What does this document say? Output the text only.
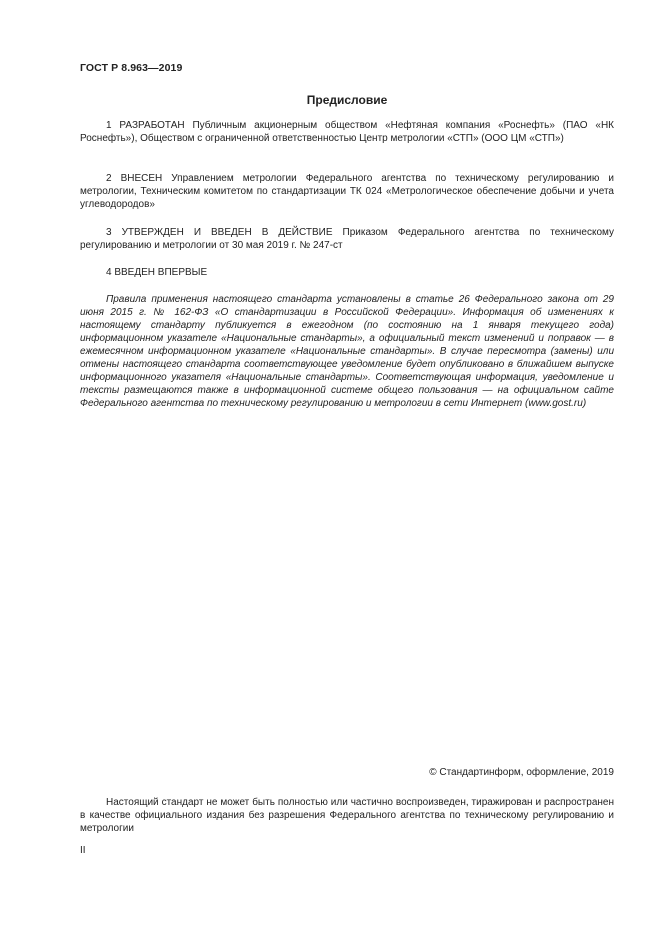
ГОСТ Р 8.963—2019
Предисловие

1 РАЗРАБОТАН Публичным акционерным обществом «Нефтяная компания «Роснефть» (ПАО «НК Роснефть»), Обществом с ограниченной ответственностью Центр метрологии «СТП» (ООО ЦМ «СТП»)

2 ВНЕСЕН Управлением метрологии Федерального агентства по техническому регулированию и метрологии, Техническим комитетом по стандартизации ТК 024 «Метрологическое обеспечение добычи и учета углеводородов»

3 УТВЕРЖДЕН И ВВЕДЕН В ДЕЙСТВИЕ Приказом Федерального агентства по техническому регулированию и метрологии от 30 мая 2019 г. № 247-ст

4 ВВЕДЕН ВПЕРВЫЕ

Правила применения настоящего стандарта установлены в статье 26 Федерального закона от 29 июня 2015 г. № 162-ФЗ «О стандартизации в Российской Федерации». Информация об изменениях к настоящему стандарту публикуется в ежегодном (по состоянию на 1 января текущего года) информационном указателе «Национальные стандарты», а официальный текст изменений и поправок — в ежемесячном информационном указателе «Национальные стандарты». В случае пересмотра (замены) или отмены настоящего стандарта соответствующее уведомление будет опубликовано в ближайшем выпуске информационного указателя «Национальные стандарты». Соответствующая информация, уведомление и тексты размещаются также в информационной системе общего пользования — на официальном сайте Федерального агентства по техническому регулированию и метрологии в сети Интернет (www.gost.ru)

© Стандартинформ, оформление, 2019

Настоящий стандарт не может быть полностью или частично воспроизведен, тиражирован и распространен в качестве официального издания без разрешения Федерального агентства по техническому регулированию и метрологии

II
